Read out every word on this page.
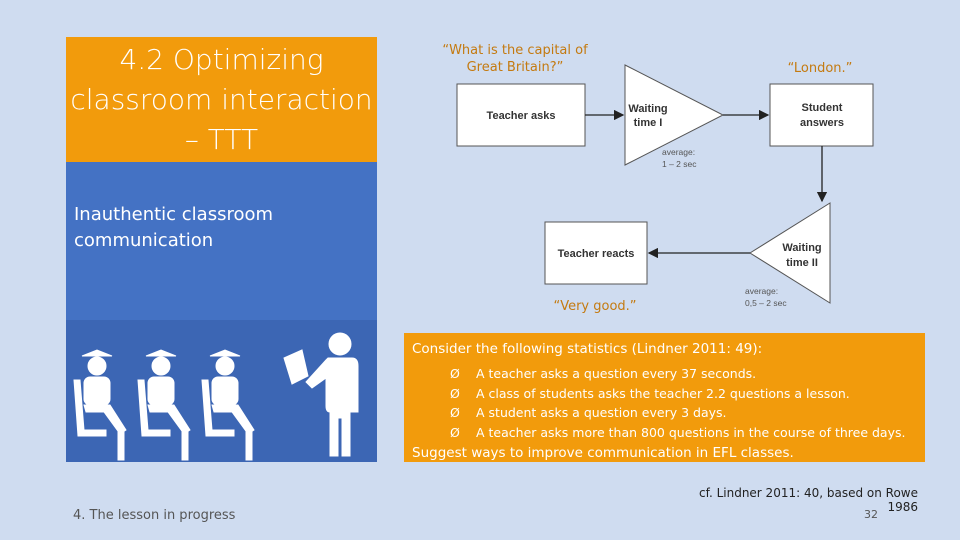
4.2 Optimizing classroom interaction – TTT
Inauthentic classroom communication
“What is the capital of Great Britain?”	“London.”
“Very good.”
Teacher asks
Waiting
time I
average:
1 – 2 sec
Student
answers
Waiting
time II
average:
0,5 – 2 sec
Teacher reacts
Consider the following statistics (Lindner 2011: 49):
Ø	A teacher asks a question every 37 seconds.
Ø	A class of students asks the teacher 2.2 questions a lesson.
Ø	A student asks a question every 3 days.
Ø	A teacher asks more than 800 questions in the course of three days.
Suggest ways to improve communication in EFL classes.
cf. Lindner 2011: 40, based on Rowe 1986
4. The lesson in progress	32
